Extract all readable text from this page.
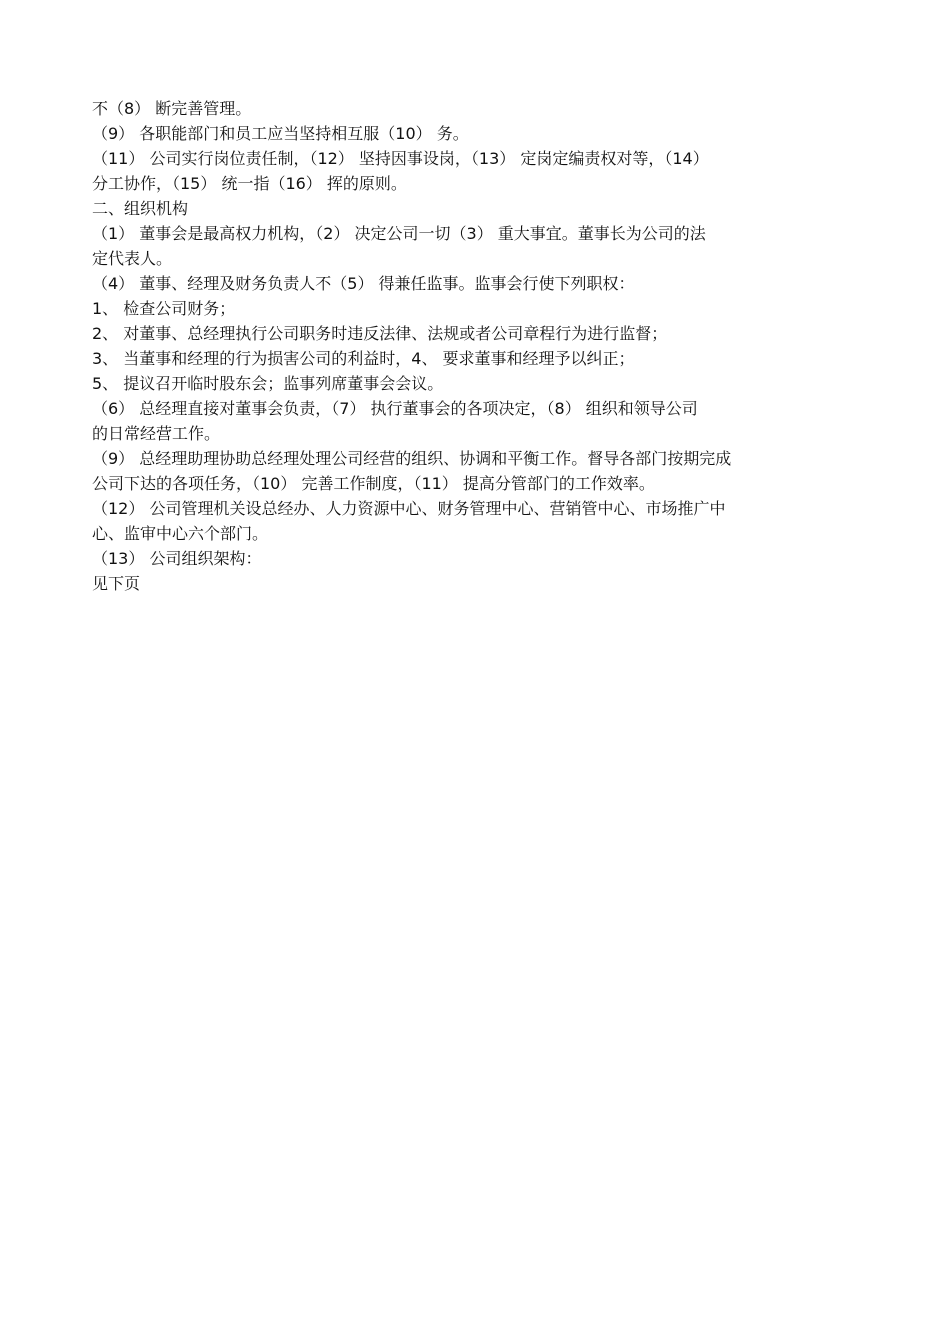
不（8） 断完善管理。

（9） 各职能部门和员工应当坚持相互服（10） 务。

（11） 公司实行岗位责任制，（12） 坚持因事设岗，（13） 定岗定编责权对等，（14）

分工协作，（15） 统一指（16） 挥的原则。

二、组织机构

（1） 董事会是最高权力机构，（2） 决定公司一切（3） 重大事宜。董事长为公司的法

定代表人。

（4） 董事、经理及财务负责人不（5） 得兼任监事。监事会行使下列职权：

1、 检查公司财务；

2、 对董事、总经理执行公司职务时违反法律、法规或者公司章程行为进行监督；

3、 当董事和经理的行为损害公司的利益时，4、 要求董事和经理予以纠正；

5、 提议召开临时股东会；监事列席董事会会议。

（6） 总经理直接对董事会负责，（7） 执行董事会的各项决定，（8） 组织和领导公司

的日常经营工作。

（9） 总经理助理协助总经理处理公司经营的组织、协调和平衡工作。督导各部门按期完成

公司下达的各项任务，（10） 完善工作制度，（11） 提高分管部门的工作效率。

（12） 公司管理机关设总经办、人力资源中心、财务管理中心、营销管中心、市场推广中

心、监审中心六个部门。

（13） 公司组织架构：

见下页
